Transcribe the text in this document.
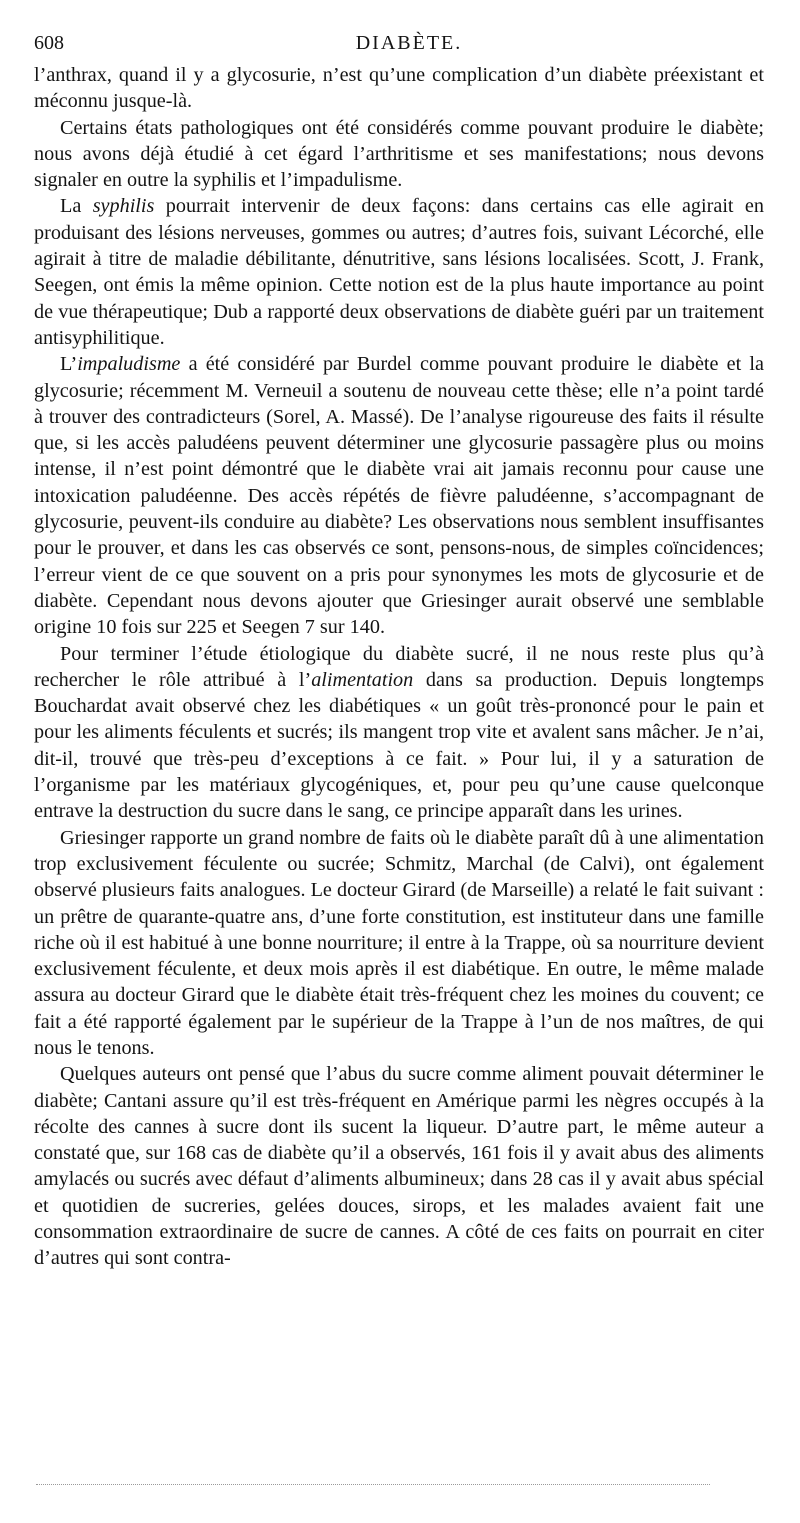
608	DIABÈTE.

l’anthrax, quand il y a glycosurie, n’est qu’une complication d’un diabète préexistant et méconnu jusque-là.

Certains états pathologiques ont été considérés comme pouvant produire le diabète; nous avons déjà étudié à cet égard l’arthritisme et ses manifestations; nous devons signaler en outre la syphilis et l’impadulisme.

La syphilis pourrait intervenir de deux façons: dans certains cas elle agirait en produisant des lésions nerveuses, gommes ou autres; d’autres fois, suivant Lécorché, elle agirait à titre de maladie débilitante, dénutritive, sans lésions localisées. Scott, J. Frank, Seegen, ont émis la même opinion. Cette notion est de la plus haute importance au point de vue thérapeutique; Dub a rapporté deux observations de diabète guéri par un traitement antisyphilitique.

L’impaludisme a été considéré par Burdel comme pouvant produire le diabète et la glycosurie; récemment M. Verneuil a soutenu de nouveau cette thèse; elle n’a point tardé à trouver des contradicteurs (Sorel, A. Massé). De l’analyse rigoureuse des faits il résulte que, si les accès paludéens peuvent déterminer une glycosurie passagère plus ou moins intense, il n’est point démontré que le diabète vrai ait jamais reconnu pour cause une intoxication paludéenne. Des accès répétés de fièvre paludéenne, s’accompagnant de glycosurie, peuvent-ils conduire au diabète? Les observations nous semblent insuffisantes pour le prouver, et dans les cas observés ce sont, pensons-nous, de simples coïncidences; l’erreur vient de ce que souvent on a pris pour synonymes les mots de glycosurie et de diabète. Cependant nous devons ajouter que Griesinger aurait observé une semblable origine 10 fois sur 225 et Seegen 7 sur 140.

Pour terminer l’étude étiologique du diabète sucré, il ne nous reste plus qu’à rechercher le rôle attribué à l’alimentation dans sa production. Depuis longtemps Bouchardat avait observé chez les diabétiques « un goût très-prononcé pour le pain et pour les aliments féculents et sucrés; ils mangent trop vite et avalent sans mâcher. Je n’ai, dit-il, trouvé que très-peu d’exceptions à ce fait. » Pour lui, il y a saturation de l’organisme par les matériaux glycogéniques, et, pour peu qu’une cause quelconque entrave la destruction du sucre dans le sang, ce principe apparaît dans les urines.

Griesinger rapporte un grand nombre de faits où le diabète paraît dû à une alimentation trop exclusivement féculente ou sucrée; Schmitz, Marchal (de Calvi), ont également observé plusieurs faits analogues. Le docteur Girard (de Marseille) a relaté le fait suivant : un prêtre de quarante-quatre ans, d’une forte constitution, est instituteur dans une famille riche où il est habitué à une bonne nourriture; il entre à la Trappe, où sa nourriture devient exclusivement féculente, et deux mois après il est diabétique. En outre, le même malade assura au docteur Girard que le diabète était très-fréquent chez les moines du couvent; ce fait a été rapporté également par le supérieur de la Trappe à l’un de nos maîtres, de qui nous le tenons.

Quelques auteurs ont pensé que l’abus du sucre comme aliment pouvait déterminer le diabète; Cantani assure qu’il est très-fréquent en Amérique parmi les nègres occupés à la récolte des cannes à sucre dont ils sucent la liqueur. D’autre part, le même auteur a constaté que, sur 168 cas de diabète qu’il a observés, 161 fois il y avait abus des aliments amylacés ou sucrés avec défaut d’aliments albumineux; dans 28 cas il y avait abus spécial et quotidien de sucreries, gelées douces, sirops, et les malades avaient fait une consommation extraordinaire de sucre de cannes. A côté de ces faits on pourrait en citer d’autres qui sont contra-
